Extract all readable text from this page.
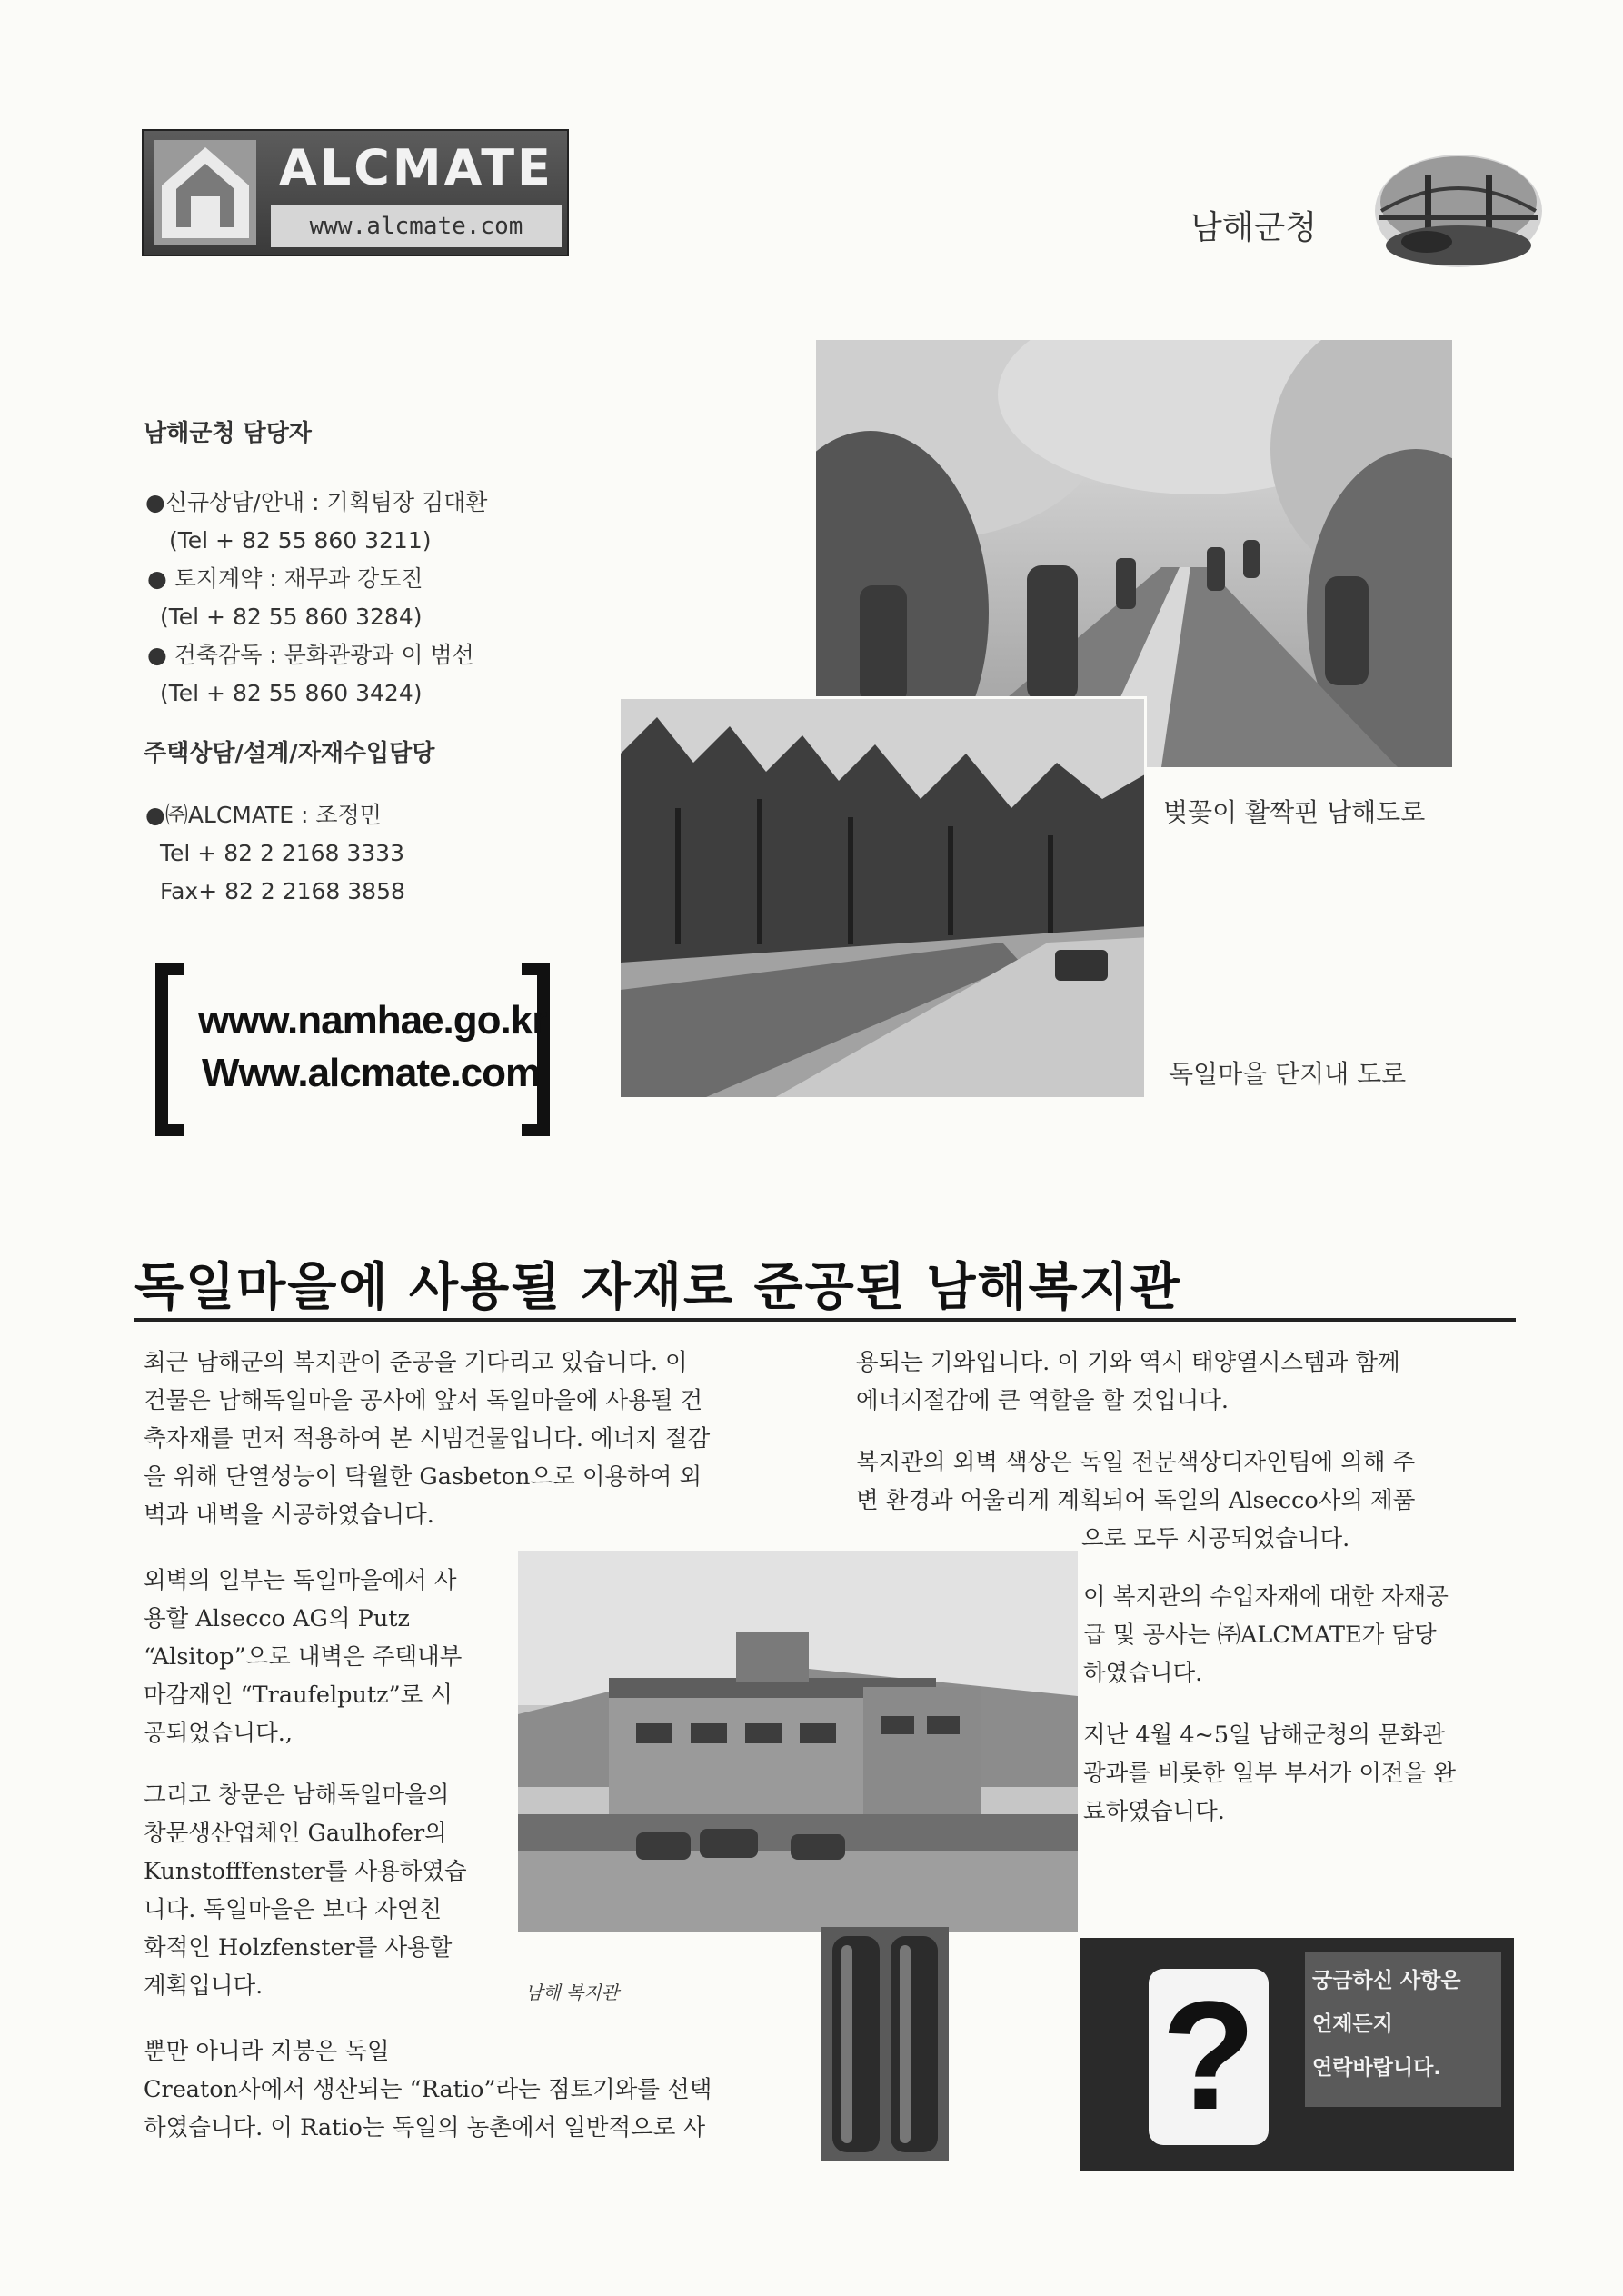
ALCMATE
www.alcmate.com	남해군청
남해군청 담당자
●신규상담/안내 : 기획팀장 김대환
(Tel + 82 55 860 3211)
● 토지계약 : 재무과 강도진
(Tel + 82 55 860 3284)
● 건축감독 : 문화관광과 이 범선
(Tel + 82 55 860 3424)
주택상담/설계/자재수입담당
●㈜ALCMATE : 조정민
Tel + 82 2 2168 3333
Fax+ 82 2 2168 3858
www.namhae.go.kr
Www.alcmate.com
벚꽃이 활짝핀 남해도로
독일마을 단지내 도로
독일마을에 사용될 자재로 준공된 남해복지관
최근 남해군의 복지관이 준공을 기다리고 있습니다. 이
건물은 남해독일마을 공사에 앞서 독일마을에 사용될 건
축자재를 먼저 적용하여 본 시범건물입니다. 에너지 절감
을 위해 단열성능이 탁월한 Gasbeton으로 이용하여 외
벽과 내벽을 시공하였습니다.
외벽의 일부는 독일마을에서 사
용할 Alsecco AG의 Putz
“Alsitop”으로 내벽은 주택내부
마감재인 “Traufelputz”로 시
공되었습니다.,
그리고 창문은 남해독일마을의
창문생산업체인 Gaulhofer의
Kunstofffenster를 사용하였습
니다. 독일마을은 보다 자연친
화적인 Holzfenster를 사용할
계획입니다.
뿐만 아니라 지붕은 독일
Creaton사에서 생산되는 “Ratio”라는 점토기와를 선택
하였습니다. 이 Ratio는 독일의 농촌에서 일반적으로 사
남해 복지관
용되는 기와입니다. 이 기와 역시 태양열시스템과 함께
에너지절감에 큰 역할을 할 것입니다.
복지관의 외벽 색상은 독일 전문색상디자인팀에 의해 주
변 환경과 어울리게 계획되어 독일의 Alsecco사의 제품
으로 모두 시공되었습니다.
이 복지관의 수입자재에 대한 자재공
급 및 공사는 ㈜ALCMATE가 담당
하였습니다.
지난 4월 4~5일 남해군청의 문화관
광과를 비롯한 일부 부서가 이전을 완
료하였습니다.
?	궁금하신 사항은
언제든지
연락바랍니다.
